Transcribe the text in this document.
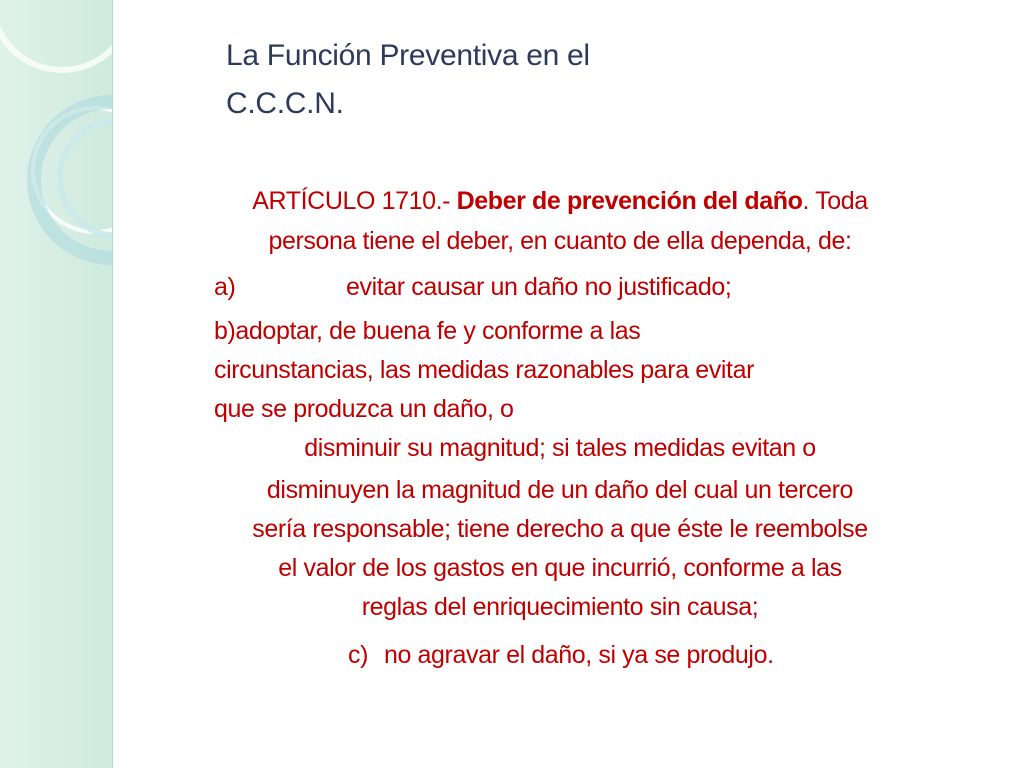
La Función Preventiva en el
C.C.C.N.
ARTÍCULO 1710.- Deber de prevención del daño. Toda
persona tiene el deber, en cuanto de ella dependa, de:
a)	evitar causar un daño no justificado;
b)adoptar, de buena fe y conforme a las
circunstancias, las medidas razonables para evitar
que se produzca un daño, o
disminuir su magnitud; si tales medidas evitan o
disminuyen la magnitud de un daño del cual un tercero
sería responsable; tiene derecho a que éste le reembolse
el valor de los gastos en que incurrió, conforme a las
reglas del enriquecimiento sin causa;
c) no agravar el daño, si ya se produjo.
